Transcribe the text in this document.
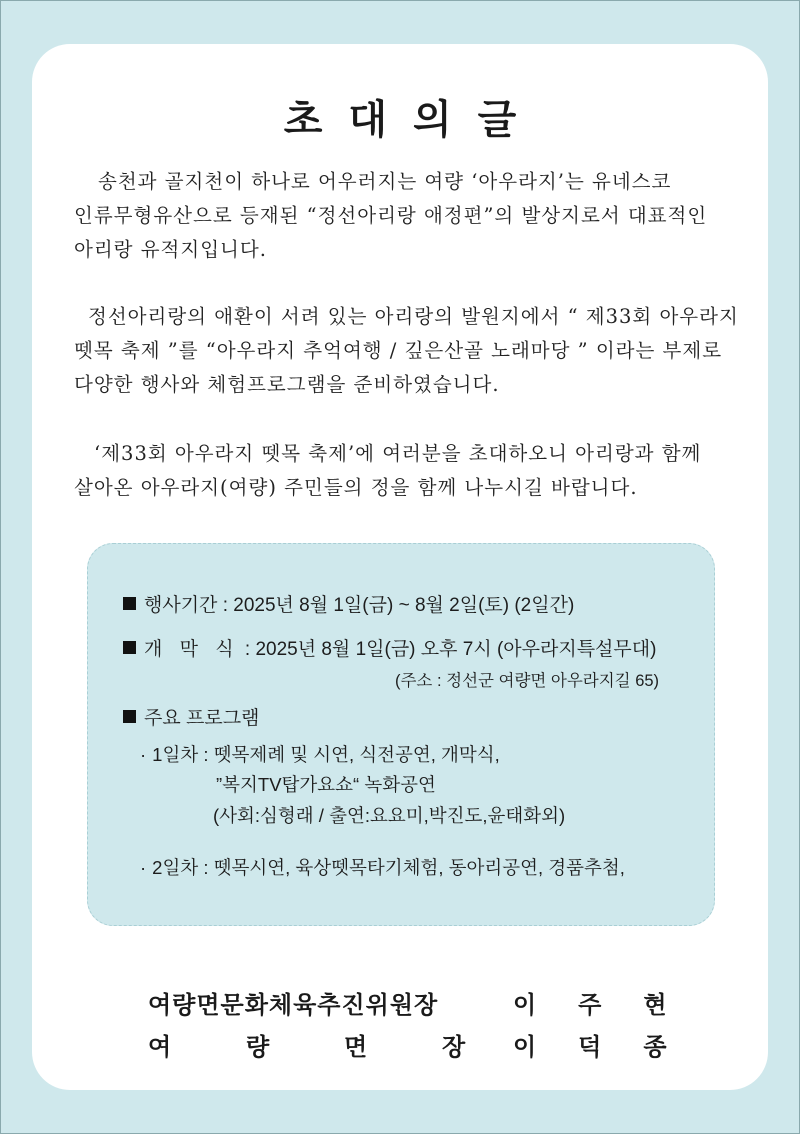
초대의글
송천과 골지천이 하나로 어우러지는 여량 ‘아우라지’는 유네스코
인류무형유산으로 등재된 “정선아리랑 애정편”의 발상지로서 대표적인
아리랑 유적지입니다.
정선아리랑의 애환이 서려 있는 아리랑의 발원지에서 “ 제33회 아우라지
뗏목 축제 ”를 “아우라지 추억여행 / 깊은산골 노래마당 ” 이라는 부제로
다양한 행사와 체험프로그램을 준비하였습니다.
‘제33회 아우라지 뗏목 축제’에 여러분을 초대하오니 아리랑과 함께
살아온 아우라지(여량) 주민들의 정을 함께 나누시길 바랍니다.
행사기간 : 2025년 8월 1일(금) ~ 8월 2일(토) (2일간)
개 막 식 : 2025년 8월 1일(금) 오후 7시 (아우라지특설무대)
(주소 : 정선군 여량면 아우라지길 65)
주요 프로그램
· 1일차 : 뗏목제례 및 시연, 식전공연, 개막식,
”복지TV탑가요쇼“ 녹화공연
(사회:심형래 / 출연:요요미,박진도,윤태화외)
· 2일차 : 뗏목시연, 육상뗏목타기체험, 동아리공연, 경품추첨,
여량면문화체육추진위원장	이주현
여	량	면	장 이덕종
